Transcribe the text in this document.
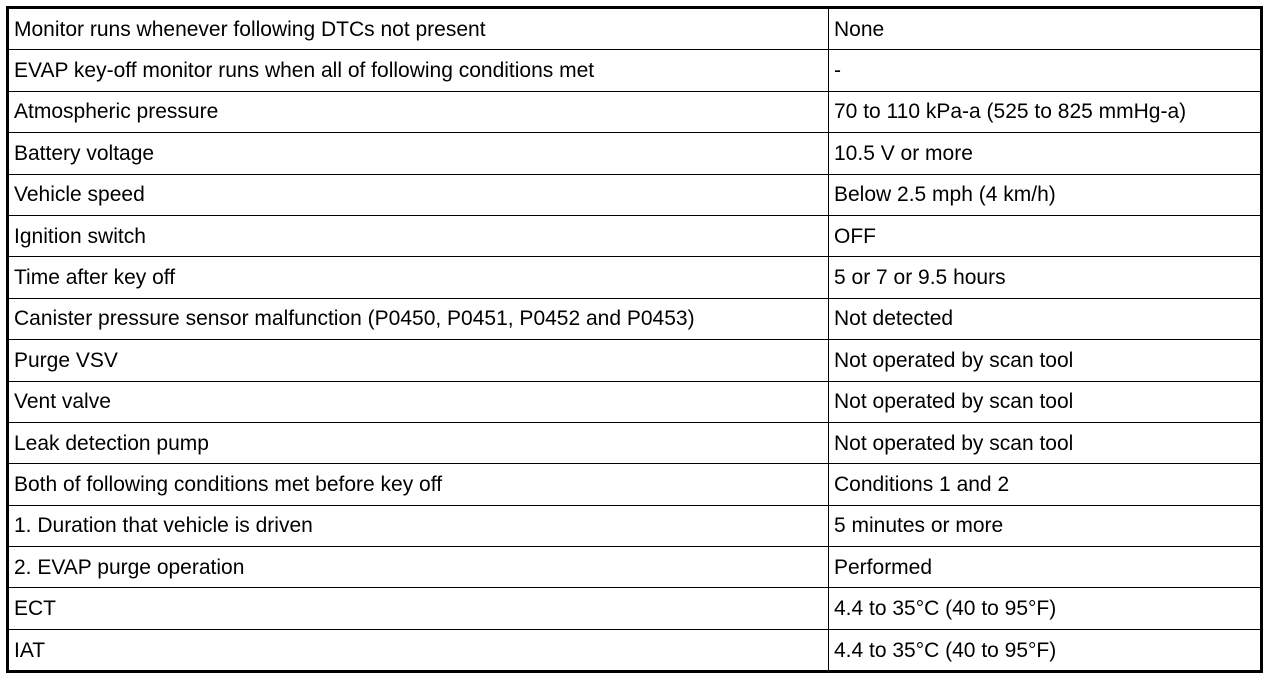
Monitor runs whenever following DTCs not present	None
EVAP key-off monitor runs when all of following conditions met	-
Atmospheric pressure	70 to 110 kPa-a (525 to 825 mmHg-a)
Battery voltage	10.5 V or more
Vehicle speed	Below 2.5 mph (4 km/h)
Ignition switch	OFF
Time after key off	5 or 7 or 9.5 hours
Canister pressure sensor malfunction (P0450, P0451, P0452 and P0453)	Not detected
Purge VSV	Not operated by scan tool
Vent valve	Not operated by scan tool
Leak detection pump	Not operated by scan tool
Both of following conditions met before key off	Conditions 1 and 2
1. Duration that vehicle is driven	5 minutes or more
2. EVAP purge operation	Performed
ECT	4.4 to 35°C (40 to 95°F)
IAT	4.4 to 35°C (40 to 95°F)
